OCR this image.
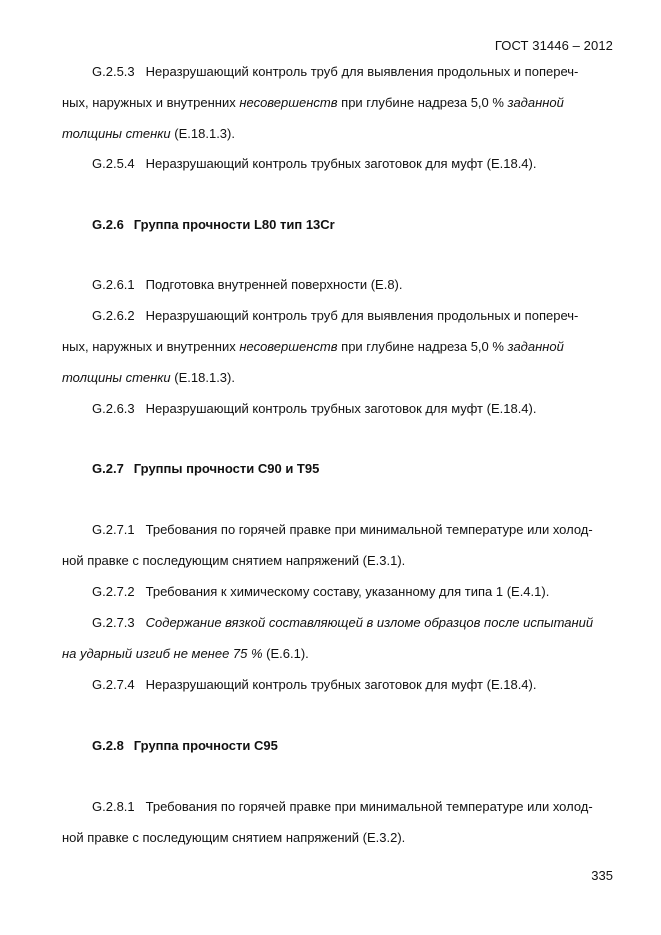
ГОСТ 31446 – 2012
G.2.5.3 Неразрушающий контроль труб для выявления продольных и попереч-
ных, наружных и внутренних несовершенств при глубине надреза 5,0 % заданной
толщины стенки (Е.18.1.3).
G.2.5.4 Неразрушающий контроль трубных заготовок для муфт (Е.18.4).
G.2.6 Группа прочности L80 тип 13Cr
G.2.6.1 Подготовка внутренней поверхности (Е.8).
G.2.6.2 Неразрушающий контроль труб для выявления продольных и попереч-
ных, наружных и внутренних несовершенств при глубине надреза 5,0 % заданной
толщины стенки (Е.18.1.3).
G.2.6.3 Неразрушающий контроль трубных заготовок для муфт (Е.18.4).
G.2.7 Группы прочности С90 и Т95
G.2.7.1 Требования по горячей правке при минимальной температуре или холод-
ной правке с последующим снятием напряжений (Е.3.1).
G.2.7.2 Требования к химическому составу, указанному для типа 1 (Е.4.1).
G.2.7.3 Содержание вязкой составляющей в изломе образцов после испытаний
на ударный изгиб не менее 75 % (Е.6.1).
G.2.7.4 Неразрушающий контроль трубных заготовок для муфт (Е.18.4).
G.2.8 Группа прочности С95
G.2.8.1 Требования по горячей правке при минимальной температуре или холод-
ной правке с последующим снятием напряжений (Е.3.2).
335
